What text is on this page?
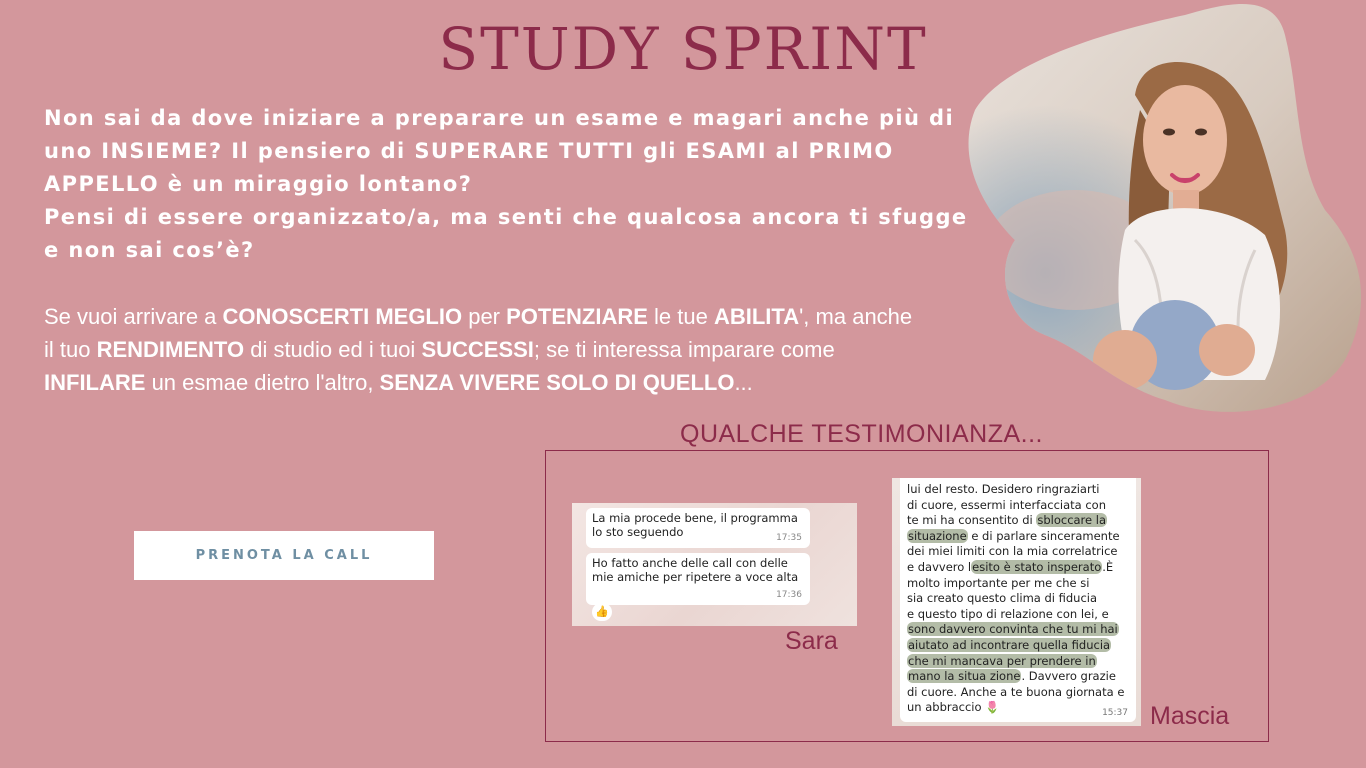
STUDY SPRINT
Non sai da dove iniziare a preparare un esame e magari anche più di
uno INSIEME? Il pensiero di SUPERARE TUTTI gli ESAMI al PRIMO
APPELLO è un miraggio lontano?
Pensi di essere organizzato/a, ma senti che qualcosa ancora ti sfugge
e non sai cos’è?
Se vuoi arrivare a CONOSCERTI MEGLIO per POTENZIARE le tue ABILITA', ma anche
il tuo RENDIMENTO di studio ed i tuoi SUCCESSI; se ti interessa imparare come
INFILARE un esmae dietro l'altro, SENZA VIVERE SOLO DI QUELLO...
QUALCHE TESTIMONIANZA...
PRENOTA LA CALL
La mia procede bene, il programma
lo sto seguendo	17:35
Ho fatto anche delle call con delle
mie amiche per ripetere a voce alta
17:36
👍
Sara
lui del resto. Desidero ringraziarti
di cuore, essermi interfacciata con
te mi ha consentito di sbloccare la
situazione e di parlare sinceramente
dei miei limiti con la mia correlatrice
e davvero lesito è stato insperato.È
molto importante per me che si
sia creato questo clima di fiducia
e questo tipo di relazione con lei, e
sono davvero convinta che tu mi hai
aiutato ad incontrare quella fiducia
che mi mancava per prendere in
mano la situa zione. Davvero grazie
di cuore. Anche a te buona giornata e
un abbraccio 🌷	15:37 Mascia
